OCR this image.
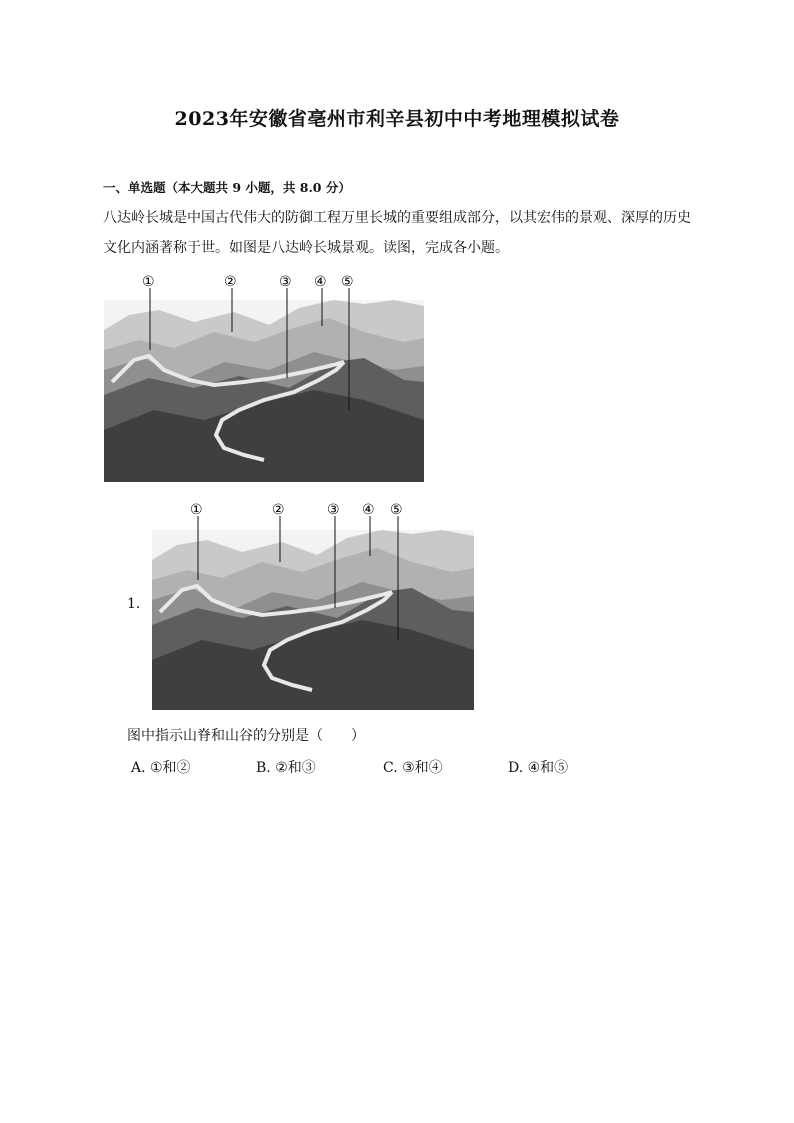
2023年安徽省亳州市利辛县初中中考地理模拟试卷
一、单选题（本大题共 9 小题，共 8.0 分）

八达岭长城是中国古代伟大的防御工程万里长城的重要组成部分，以其宏伟的景观、深厚的历史

文化内涵著称于世。如图是八达岭长城景观。读图，完成各小题。

①	②	③ ④ ⑤
1.
①	②	③ ④ ⑤
图中指示山脊和山谷的分别是（　　）
A. ①和②	B. ②和③	C. ③和④	D. ④和⑤
